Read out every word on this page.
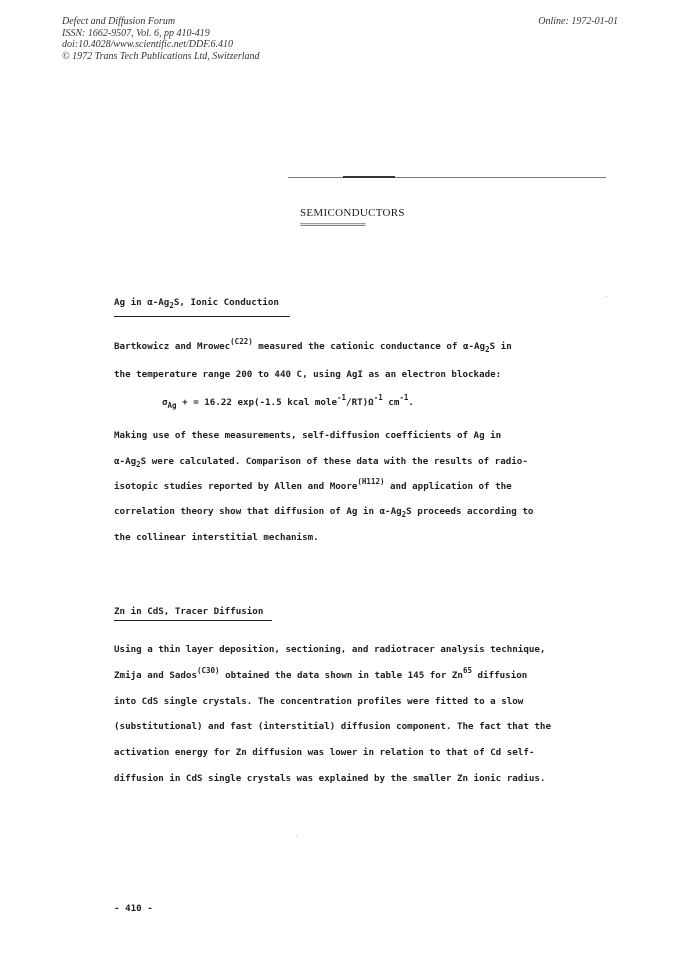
Defect and Diffusion Forum
ISSN: 1662-9507, Vol. 6, pp 410-419
doi:10.4028/www.scientific.net/DDF.6.410
© 1972 Trans Tech Publications Ltd, Switzerland
Online: 1972-01-01
SEMICONDUCTORS
==================
Ag in $\alpha-Ag_2S$, Ionic Conduction
Bartkowicz and Mrowec$^{(C22)}$ measured the cationic conductance of $\alpha-Ag_2S$ in
the temperature range 200 to 440 C, using AgI as an electron blockade:
$\sigma_{Ag}$ + = 16.22 exp(-1.5 kcal $mole^{-1}/RT)\Omega^{-1}$ $cm^{-1}$.
Making use of these measurements, self-diffusion coefficients of Ag in
$\alpha-Ag_2S$ were calculated. Comparison of these data with the results of radio-
isotopic studies reported by Allen and Moore$^{(H112)}$ and application of the
correlation theory show that diffusion of Ag in $\alpha-Ag_2S$ proceeds according to
the collinear interstitial mechanism.
Zn in CdS, Tracer Diffusion
Using a thin layer deposition, sectioning, and radiotracer analysis technique,
Zmija and Sados$^{(C30)}$ obtained the data shown in table 145 for Zn$^{65}$ diffusion
into CdS single crystals. The concentration profiles were fitted to a slow
(substitutional) and fast (interstitial) diffusion component. The fact that the
activation energy for Zn diffusion was lower in relation to that of Cd self-
diffusion in CdS single crystals was explained by the smaller Zn ionic radius.
- 410 -
